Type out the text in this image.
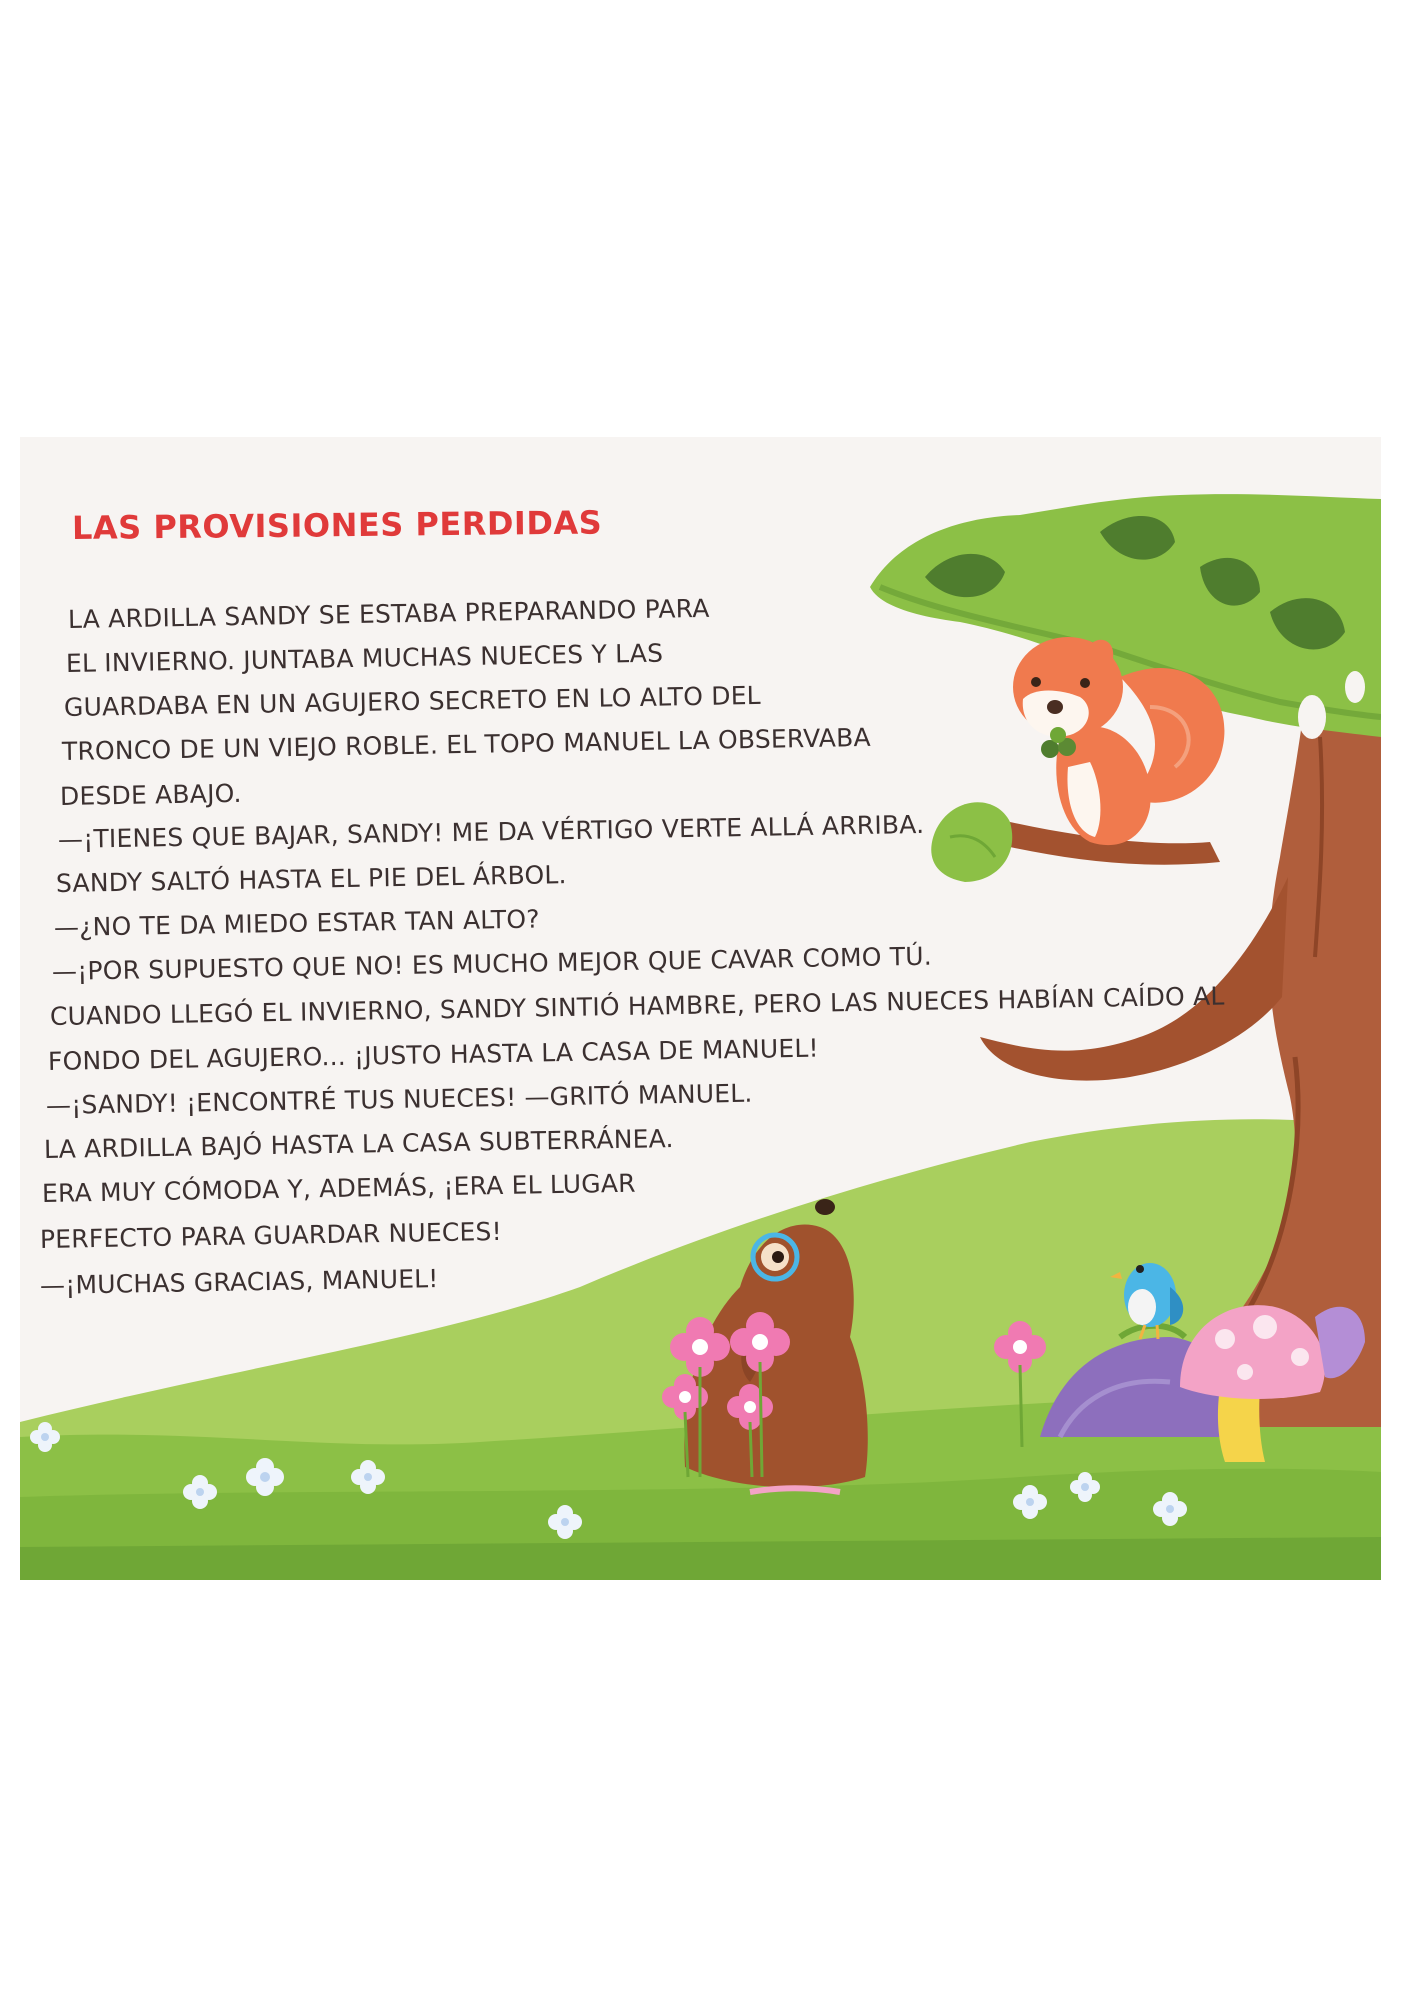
LAS PROVISIONES PERDIDAS

LA ARDILLA SANDY SE ESTABA PREPARANDO PARA

EL INVIERNO. JUNTABA MUCHAS NUECES Y LAS

GUARDABA EN UN AGUJERO SECRETO EN LO ALTO DEL

TRONCO DE UN VIEJO ROBLE. EL TOPO MANUEL LA OBSERVABA

DESDE ABAJO.

—¡TIENES QUE BAJAR, SANDY! ME DA VÉRTIGO VERTE ALLÁ ARRIBA.

SANDY SALTÓ HASTA EL PIE DEL ÁRBOL.

—¿NO TE DA MIEDO ESTAR TAN ALTO?

—¡POR SUPUESTO QUE NO! ES MUCHO MEJOR QUE CAVAR COMO TÚ.

CUANDO LLEGÓ EL INVIERNO, SANDY SINTIÓ HAMBRE, PERO LAS NUECES HABÍAN CAÍDO AL

FONDO DEL AGUJERO... ¡JUSTO HASTA LA CASA DE MANUEL!

—¡SANDY! ¡ENCONTRÉ TUS NUECES! —GRITÓ MANUEL.

LA ARDILLA BAJÓ HASTA LA CASA SUBTERRÁNEA.

ERA MUY CÓMODA Y, ADEMÁS, ¡ERA EL LUGAR

PERFECTO PARA GUARDAR NUECES!

—¡MUCHAS GRACIAS, MANUEL!
